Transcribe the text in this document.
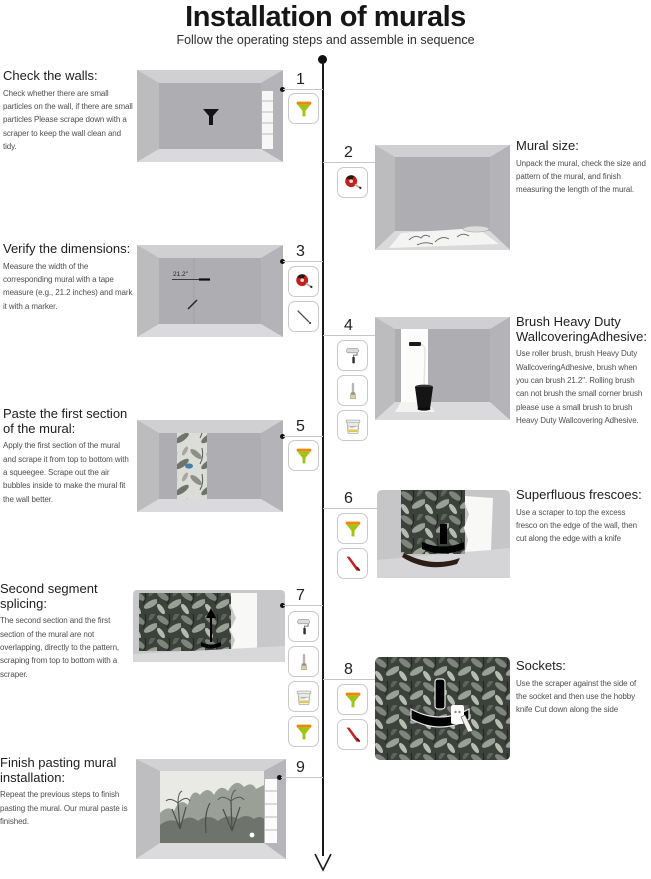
Installation of murals
Follow the operating steps and assemble in sequence
Check the walls:
Check whether there are small particles on the wall, if there are small particles Please scrape down with a scraper to keep the wall clean and tidy.
1
2	Mural size:
Unpack the mural, check the size and pattern of the mural, and finish measuring the length of the mural.
Verify the dimensions:
Measure the width of the corresponding mural with a tape measure (e.g., 21.2 inches) and mark it with a marker.
21.2"
3
4	Brush Heavy Duty WallcoveringAdhesive:
Use roller brush, brush Heavy Duty WallcoveringAdhesive, brush when you can brush 21.2". Rolling brush can not brush the small corner brush please use a small brush to brush Heavy Duty Wallcovering Adhesive.
Paste the first section of the mural:
Apply the first section of the mural and scrape it from top to bottom with a squeegee. Scrape out the air bubbles inside to make the mural fit the wall better.
5
6	Superfluous frescoes:
Use a scraper to top the excess fresco on the edge of the wall, then cut along the edge with a knife
Second segment splicing:
The second section and the first section of the mural are not overlapping, directly to the pattern, scraping from top to bottom with a scraper.
7
8	Sockets:
Use the scraper against the side of the socket and then use the hobby knife Cut down along the side
Finish pasting mural installation:
Repeat the previous steps to finish pasting the mural. Our mural paste is finished.
9
